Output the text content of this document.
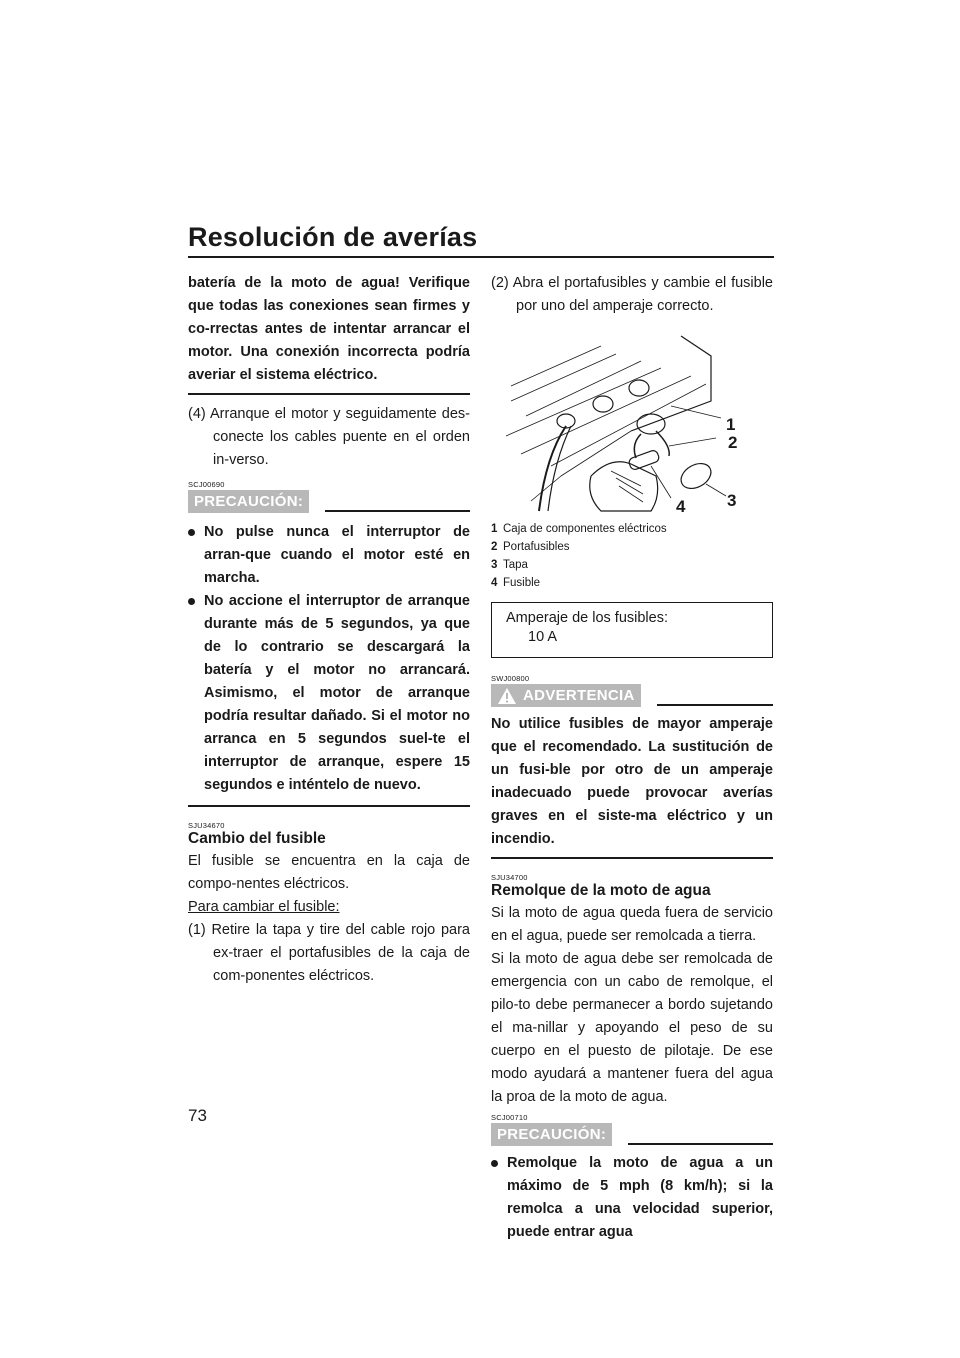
Resolución de averías
batería de la moto de agua! Verifique que todas las conexiones sean firmes y co-rrectas antes de intentar arrancar el motor. Una conexión incorrecta podría averiar el sistema eléctrico.
(4) Arranque el motor y seguidamente des-conecte los cables puente en el orden in-verso.
SCJ00690
PRECAUCIÓN:
No pulse nunca el interruptor de arran-que cuando el motor esté en marcha.
No accione el interruptor de arranque durante más de 5 segundos, ya que de lo contrario se descargará la batería y el motor no arrancará. Asimismo, el motor de arranque podría resultar dañado. Si el motor no arranca en 5 segundos suel-te el interruptor de arranque, espere 15 segundos e inténtelo de nuevo.
SJU34670
Cambio del fusible
El fusible se encuentra en la caja de compo-nentes eléctricos.
Para cambiar el fusible:
(1) Retire la tapa y tire del cable rojo para ex-traer el portafusibles de la caja de com-ponentes eléctricos.
(2) Abra el portafusibles y cambie el fusible por uno del amperaje correcto.
1
2
3
4
1 Caja de componentes eléctricos
2 Portafusibles
3 Tapa
4 Fusible
Amperaje de los fusibles:
10 A
SWJ00800
ADVERTENCIA
No utilice fusibles de mayor amperaje que el recomendado. La sustitución de un fusi-ble por otro de un amperaje inadecuado puede provocar averías graves en el siste-ma eléctrico y un incendio.
SJU34700
Remolque de la moto de agua
Si la moto de agua queda fuera de servicio en el agua, puede ser remolcada a tierra.
Si la moto de agua debe ser remolcada de emergencia con un cabo de remolque, el pilo-to debe permanecer a bordo sujetando el ma-nillar y apoyando el peso de su cuerpo en el puesto de pilotaje. De ese modo ayudará a mantener fuera del agua la proa de la moto de agua.
SCJ00710
PRECAUCIÓN:
Remolque la moto de agua a un máximo de 5 mph (8 km/h); si la remolca a una velocidad superior, puede entrar agua
73
